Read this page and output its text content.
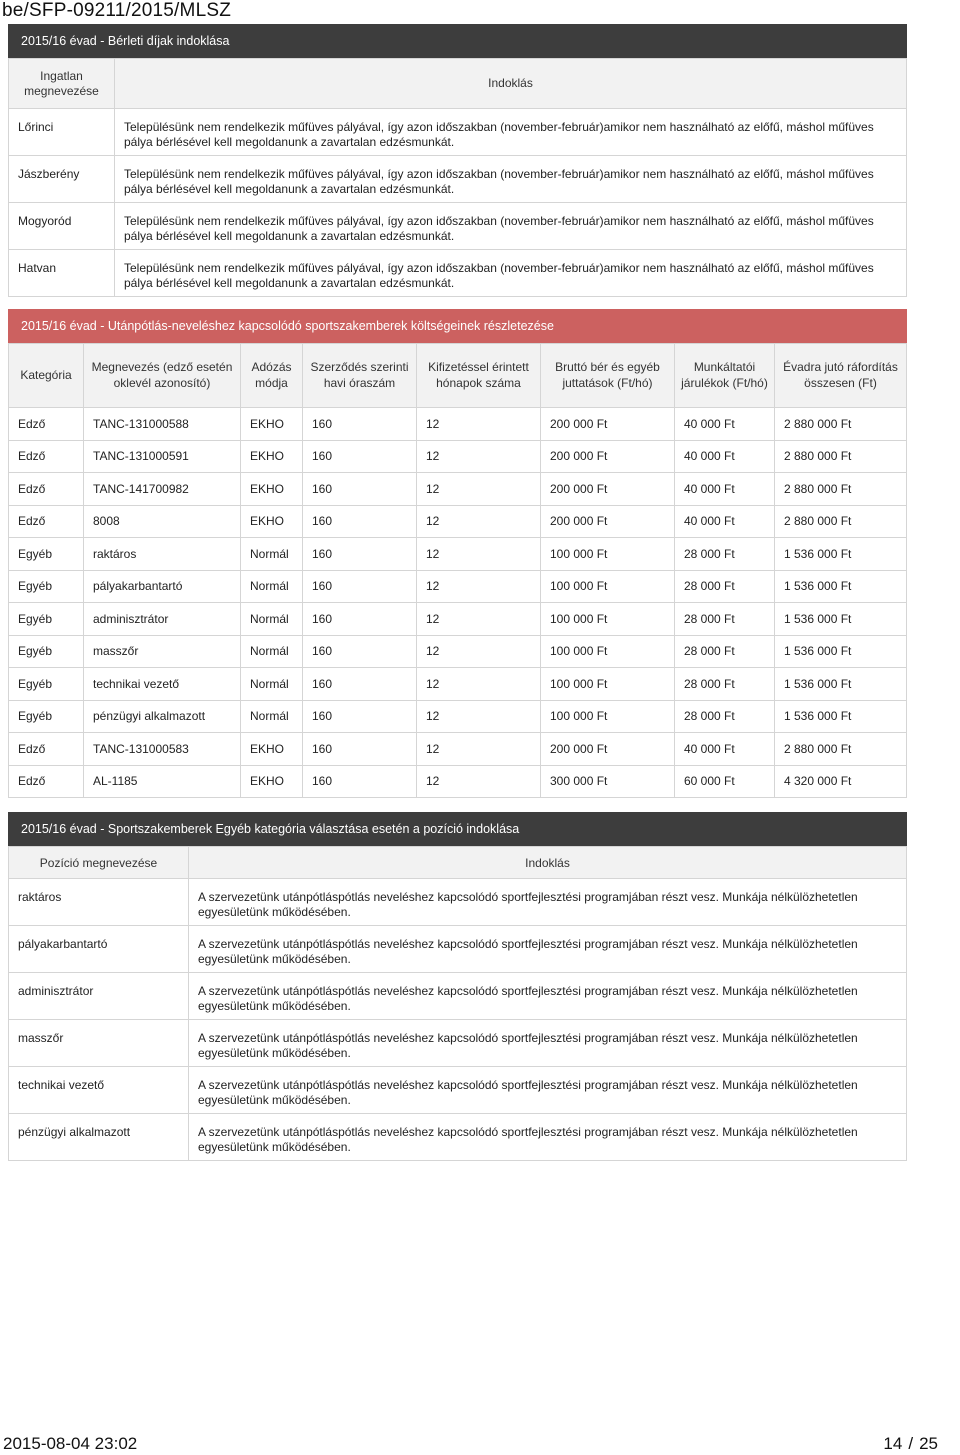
be/SFP-09211/2015/MLSZ
2015/16 évad - Bérleti díjak indoklása
Ingatlan megnevezése	Indoklás
Lőrinci	Településünk nem rendelkezik műfüves pályával, így azon időszakban (november-február)amikor nem használható az előfű, máshol műfüves pálya bérlésével kell megoldanunk a zavartalan edzésmunkát.
Jászberény	Településünk nem rendelkezik műfüves pályával, így azon időszakban (november-február)amikor nem használható az előfű, máshol műfüves pálya bérlésével kell megoldanunk a zavartalan edzésmunkát.
Mogyoród	Településünk nem rendelkezik műfüves pályával, így azon időszakban (november-február)amikor nem használható az előfű, máshol műfüves pálya bérlésével kell megoldanunk a zavartalan edzésmunkát.
Hatvan	Településünk nem rendelkezik műfüves pályával, így azon időszakban (november-február)amikor nem használható az előfű, máshol műfüves pálya bérlésével kell megoldanunk a zavartalan edzésmunkát.
2015/16 évad - Utánpótlás-neveléshez kapcsolódó sportszakemberek költségeinek részletezése
Kategória	Megnevezés (edző esetén oklevél azonosító)	Adózás módja	Szerződés szerinti havi óraszám	Kifizetéssel érintett hónapok száma	Bruttó bér és egyéb juttatások (Ft/hó)	Munkáltatói járulékok (Ft/hó)	Évadra jutó ráfordítás összesen (Ft)
Edző	TANC-131000588	EKHO	160	12	200 000 Ft	40 000 Ft	2 880 000 Ft
Edző	TANC-131000591	EKHO	160	12	200 000 Ft	40 000 Ft	2 880 000 Ft
Edző	TANC-141700982	EKHO	160	12	200 000 Ft	40 000 Ft	2 880 000 Ft
Edző	8008	EKHO	160	12	200 000 Ft	40 000 Ft	2 880 000 Ft
Egyéb	raktáros	Normál	160	12	100 000 Ft	28 000 Ft	1 536 000 Ft
Egyéb	pályakarbantartó	Normál	160	12	100 000 Ft	28 000 Ft	1 536 000 Ft
Egyéb	adminisztrátor	Normál	160	12	100 000 Ft	28 000 Ft	1 536 000 Ft
Egyéb	masszőr	Normál	160	12	100 000 Ft	28 000 Ft	1 536 000 Ft
Egyéb	technikai vezető	Normál	160	12	100 000 Ft	28 000 Ft	1 536 000 Ft
Egyéb	pénzügyi alkalmazott	Normál	160	12	100 000 Ft	28 000 Ft	1 536 000 Ft
Edző	TANC-131000583	EKHO	160	12	200 000 Ft	40 000 Ft	2 880 000 Ft
Edző	AL-1185	EKHO	160	12	300 000 Ft	60 000 Ft	4 320 000 Ft
2015/16 évad - Sportszakemberek Egyéb kategória választása esetén a pozíció indoklása
Pozíció megnevezése	Indoklás
raktáros	A szervezetünk utánpótláspótlás neveléshez kapcsolódó sportfejlesztési programjában részt vesz. Munkája nélkülözhetetlen egyesületünk működésében.
pályakarbantartó	A szervezetünk utánpótláspótlás neveléshez kapcsolódó sportfejlesztési programjában részt vesz. Munkája nélkülözhetetlen egyesületünk működésében.
adminisztrátor	A szervezetünk utánpótláspótlás neveléshez kapcsolódó sportfejlesztési programjában részt vesz. Munkája nélkülözhetetlen egyesületünk működésében.
masszőr	A szervezetünk utánpótláspótlás neveléshez kapcsolódó sportfejlesztési programjában részt vesz. Munkája nélkülözhetetlen egyesületünk működésében.
technikai vezető	A szervezetünk utánpótláspótlás neveléshez kapcsolódó sportfejlesztési programjában részt vesz. Munkája nélkülözhetetlen egyesületünk működésében.
pénzügyi alkalmazott	A szervezetünk utánpótláspótlás neveléshez kapcsolódó sportfejlesztési programjában részt vesz. Munkája nélkülözhetetlen egyesületünk működésében.
2015-08-04 23:02	14 / 25
